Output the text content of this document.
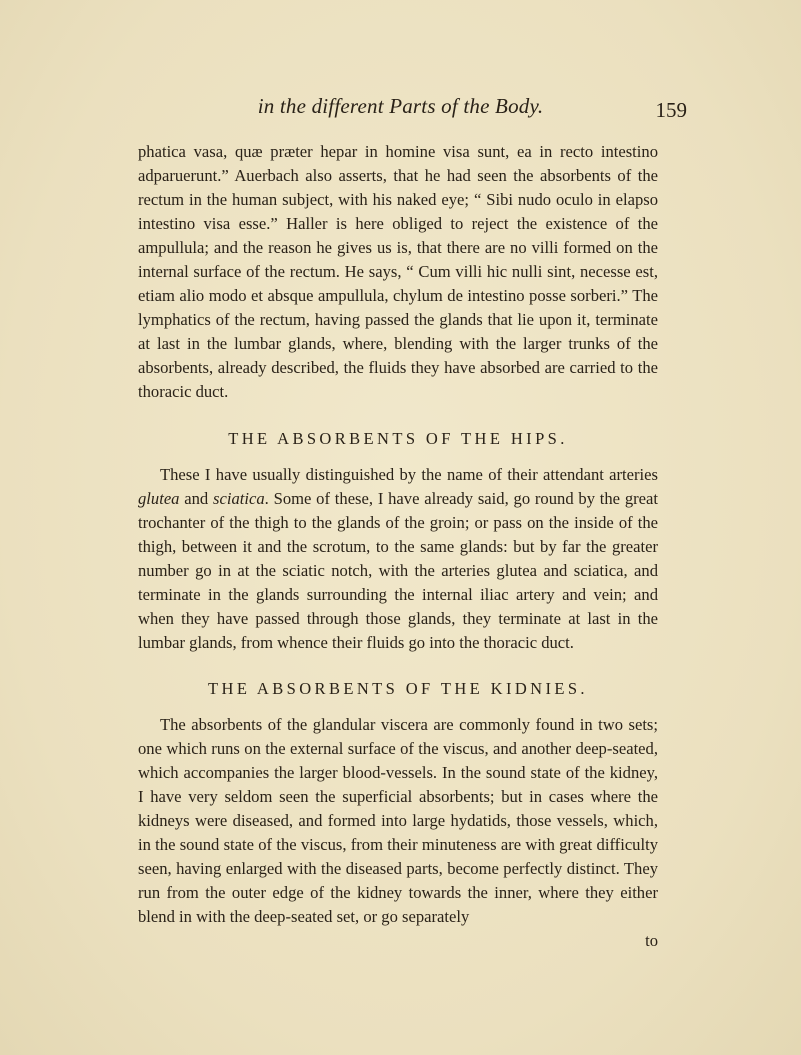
in the different Parts of the Body.	159

phatica vasa, quæ præter hepar in homine visa sunt, ea in recto intestino adparuerunt.” Auerbach also asserts, that he had seen the absorbents of the rectum in the human subject, with his naked eye; “ Sibi nudo oculo in elapso intestino visa esse.” Haller is here obliged to reject the existence of the ampullula; and the reason he gives us is, that there are no villi formed on the internal surface of the rectum. He says, “ Cum villi hic nulli sint, necesse est, etiam alio modo et absque ampullula, chylum de intestino posse sorberi.” The lymphatics of the rectum, having passed the glands that lie upon it, terminate at last in the lumbar glands, where, blending with the larger trunks of the absorbents, already described, the fluids they have absorbed are carried to the thoracic duct.

THE ABSORBENTS OF THE HIPS.

These I have usually distinguished by the name of their attendant arteries glutea and sciatica. Some of these, I have already said, go round by the great trochanter of the thigh to the glands of the groin; or pass on the inside of the thigh, between it and the scrotum, to the same glands: but by far the greater number go in at the sciatic notch, with the arteries glutea and sciatica, and terminate in the glands surrounding the internal iliac artery and vein; and when they have passed through those glands, they terminate at last in the lumbar glands, from whence their fluids go into the thoracic duct.

THE ABSORBENTS OF THE KIDNIES.

The absorbents of the glandular viscera are commonly found in two sets; one which runs on the external surface of the viscus, and another deep-seated, which accompanies the larger blood-vessels. In the sound state of the kidney, I have very seldom seen the superficial absorbents; but in cases where the kidneys were diseased, and formed into large hydatids, those vessels, which, in the sound state of the viscus, from their minuteness are with great difficulty seen, having enlarged with the diseased parts, become perfectly distinct. They run from the outer edge of the kidney towards the inner, where they either blend in with the deep-seated set, or go separately

to
